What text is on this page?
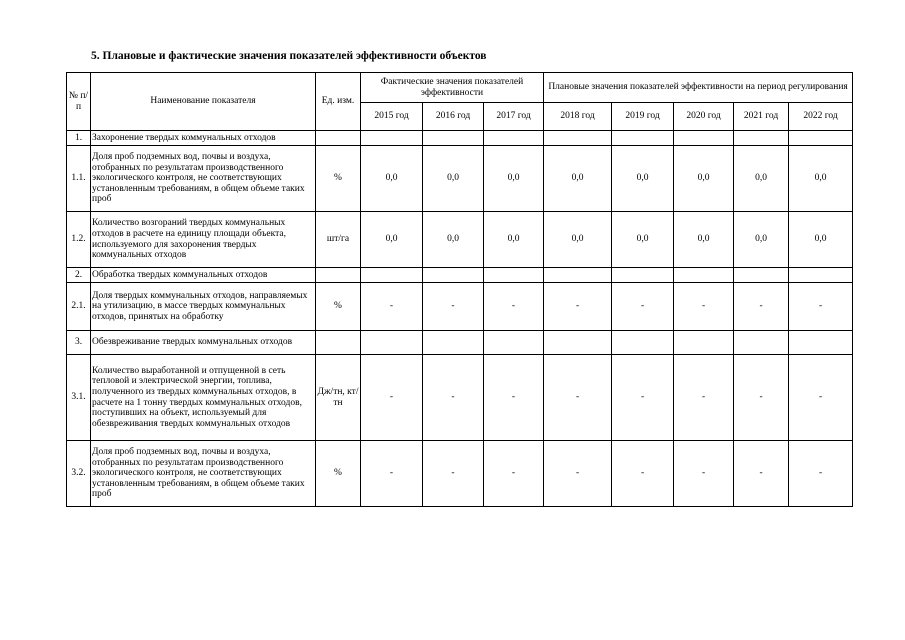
5. Плановые и фактические значения показателей эффективности объектов
№ п/п	Наименование показателя	Ед. изм.	Фактические значения показателей эффективности			Плановые значения показателей эффективности на период регулирования				
			2015 год	2016 год	2017 год	2018 год	2019 год	2020 год	2021 год	2022 год
1.	Захоронение твердых коммунальных отходов									
1.1.	Доля проб подземных вод, почвы и воздуха, отобранных по результатам производственного экологического контроля, не соответствующих установленным требованиям, в общем объеме таких проб	%	0,0	0,0	0,0	0,0	0,0	0,0	0,0	0,0
1.2.	Количество возгораний твердых коммунальных отходов в расчете на единицу площади объекта, используемого для захоронения твердых коммунальных отходов	шт/га	0,0	0,0	0,0	0,0	0,0	0,0	0,0	0,0
2.	Обработка твердых коммунальных отходов									
2.1.	Доля твердых коммунальных отходов, направляемых на утилизацию, в массе твердых коммунальных отходов, принятых на обработку	%	-	-	-	-	-	-	-	-
3.	Обезвреживание твердых коммунальных отходов									
3.1.	Количество выработанной и отпущенной в сеть тепловой и электрической энергии, топлива, полученного из твердых коммунальных отходов, в расчете на 1 тонну твердых коммунальных отходов, поступивших на объект, используемый для обезвреживания твердых коммунальных отходов	Дж/тн, кт/тн	-	-	-	-	-	-	-	-
3.2.	Доля проб подземных вод, почвы и воздуха, отобранных по результатам производственного экологического контроля, не соответствующих установленным требованиям, в общем объеме таких проб	%	-	-	-	-	-	-	-	-
